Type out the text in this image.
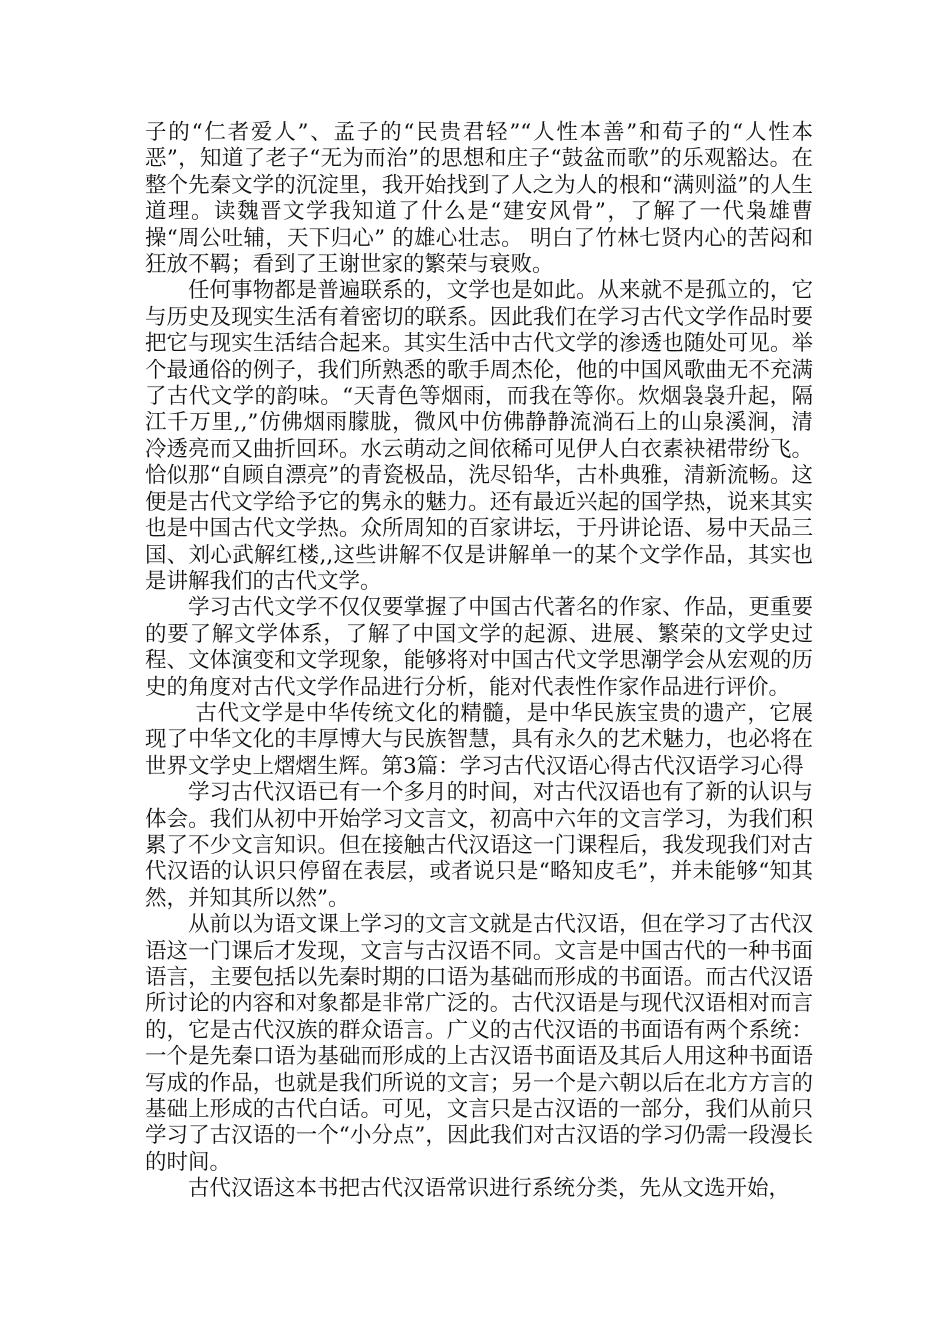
子的“仁者爱人”、孟子的“民贵君轻”“人性本善”和荀子的“人性本恶”，知道了老子“无为而治”的思想和庄子“鼓盆而歌”的乐观豁达。在整个先秦文学的沉淀里，我开始找到了人之为人的根和“满则溢”的人生道理。读魏晋文学我知道了什么是“建安风骨”，了解了一代枭雄曹操“周公吐辅，天下归心” 的雄心壮志。 明白了竹林七贤内心的苦闷和狂放不羁；看到了王谢世家的繁荣与衰败。

任何事物都是普遍联系的，文学也是如此。从来就不是孤立的，它与历史及现实生活有着密切的联系。因此我们在学习古代文学作品时要把它与现实生活结合起来。其实生活中古代文学的渗透也随处可见。举个最通俗的例子，我们所熟悉的歌手周杰伦，他的中国风歌曲无不充满了古代文学的韵味。“天青色等烟雨，而我在等你。炊烟袅袅升起，隔江千万里,,”仿佛烟雨朦胧，微风中仿佛静静流淌石上的山泉溪涧，清冷透亮而又曲折回环。水云萌动之间依稀可见伊人白衣素袂裙带纷飞。恰似那“自顾自漂亮”的青瓷极品，洗尽铅华，古朴典雅，清新流畅。这便是古代文学给予它的隽永的魅力。还有最近兴起的国学热，说来其实也是中国古代文学热。众所周知的百家讲坛，于丹讲论语、易中天品三国、刘心武解红楼,,这些讲解不仅是讲解单一的某个文学作品，其实也是讲解我们的古代文学。

学习古代文学不仅仅要掌握了中国古代著名的作家、作品，更重要的要了解文学体系，了解了中国文学的起源、进展、繁荣的文学史过程、文体演变和文学现象，能够将对中国古代文学思潮学会从宏观的历史的角度对古代文学作品进行分析，能对代表性作家作品进行评价。

古代文学是中华传统文化的精髓，是中华民族宝贵的遗产，它展现了中华文化的丰厚博大与民族智慧，具有永久的艺术魅力，也必将在世界文学史上熠熠生辉。第3篇：学习古代汉语心得古代汉语学习心得

学习古代汉语已有一个多月的时间，对古代汉语也有了新的认识与体会。我们从初中开始学习文言文，初高中六年的文言学习，为我们积累了不少文言知识。但在接触古代汉语这一门课程后，我发现我们对古代汉语的认识只停留在表层，或者说只是“略知皮毛”，并未能够“知其然，并知其所以然”。

从前以为语文课上学习的文言文就是古代汉语，但在学习了古代汉语这一门课后才发现，文言与古汉语不同。文言是中国古代的一种书面语言，主要包括以先秦时期的口语为基础而形成的书面语。而古代汉语所讨论的内容和对象都是非常广泛的。古代汉语是与现代汉语相对而言的，它是古代汉族的群众语言。广义的古代汉语的书面语有两个系统：一个是先秦口语为基础而形成的上古汉语书面语及其后人用这种书面语写成的作品，也就是我们所说的文言；另一个是六朝以后在北方方言的基础上形成的古代白话。可见，文言只是古汉语的一部分，我们从前只学习了古汉语的一个“小分点”，因此我们对古汉语的学习仍需一段漫长的时间。

古代汉语这本书把古代汉语常识进行系统分类，先从文选开始，
